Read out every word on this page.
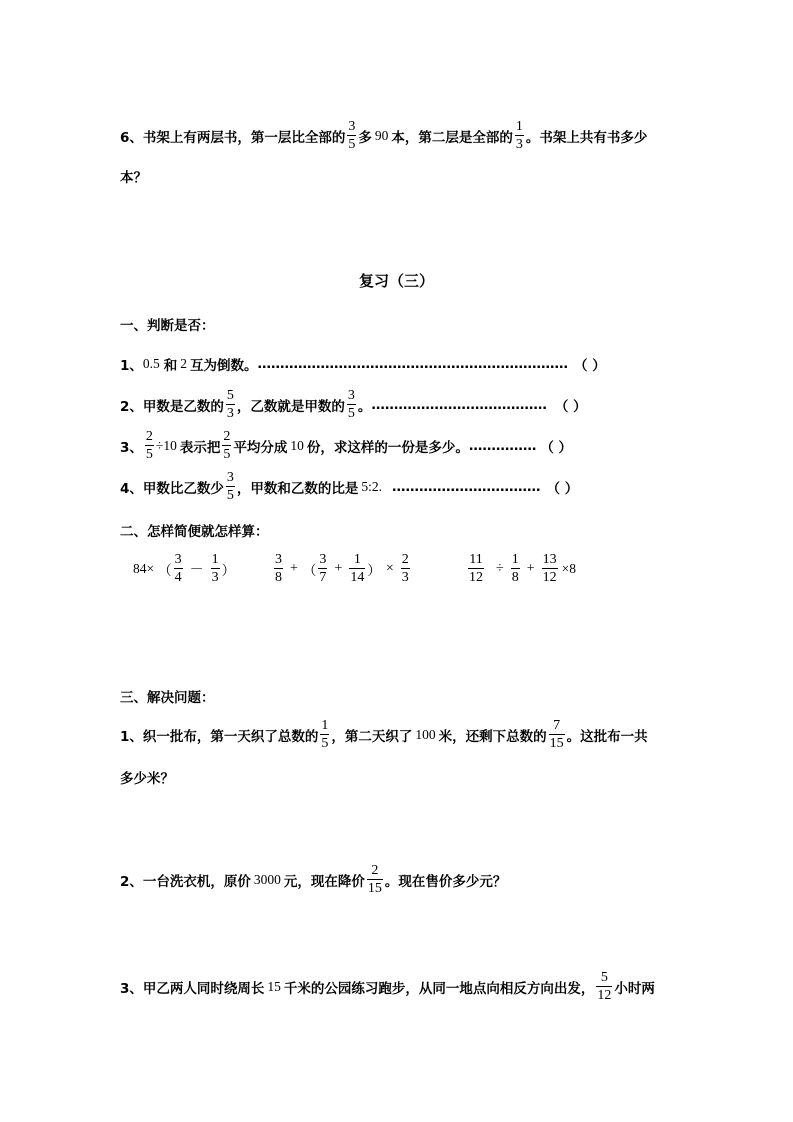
6、书架上有两层书，第一层比全部的 $\frac{3}{5}$ 多 90 本，第二层是全部的 $\frac{1}{3}$ 。书架上共有书多少
本？
复习（三）
一、判断是否：
1、 0.5 和 2 互为倒数。 …………………………………………………………… （ ）
2、甲数是乙数的 $\frac{5}{3}$ ，乙数就是甲数的 $\frac{3}{5}$ 。 ………………………………… （ ）
3、 $\frac{2}{5} \div 10$ 表示把 $\frac{2}{5}$ 平均分成 10 份，求这样的一份是多少。 …………… （ ）
4、甲数比乙数少 $\frac{3}{5}$ ，甲数和乙数的比是 5:2. …………………………… （ ）
二、怎样简便就怎样算：
84× （ $\frac{3}{4} - \frac{1}{3}$ ）	$\frac{3}{8}$ + （ $\frac{3}{7} + \frac{1}{14}$ ） × $\frac{2}{3}$	$\frac{11}{12} \div \frac{1}{8} + \frac{13}{12} \times 8$
三、解决问题：
1、织一批布，第一天织了总数的 $\frac{1}{5}$ ，第二天织了 100 米，还剩下总数的 $\frac{7}{15}$ 。这批布一共
多少米？
2、一台洗衣机，原价 3000 元，现在降价 $\frac{2}{15}$ 。现在售价多少元？
3、甲乙两人同时绕周长 15 千米的公园练习跑步，从同一地点向相反方向出发， $\frac{5}{12}$ 小时两
